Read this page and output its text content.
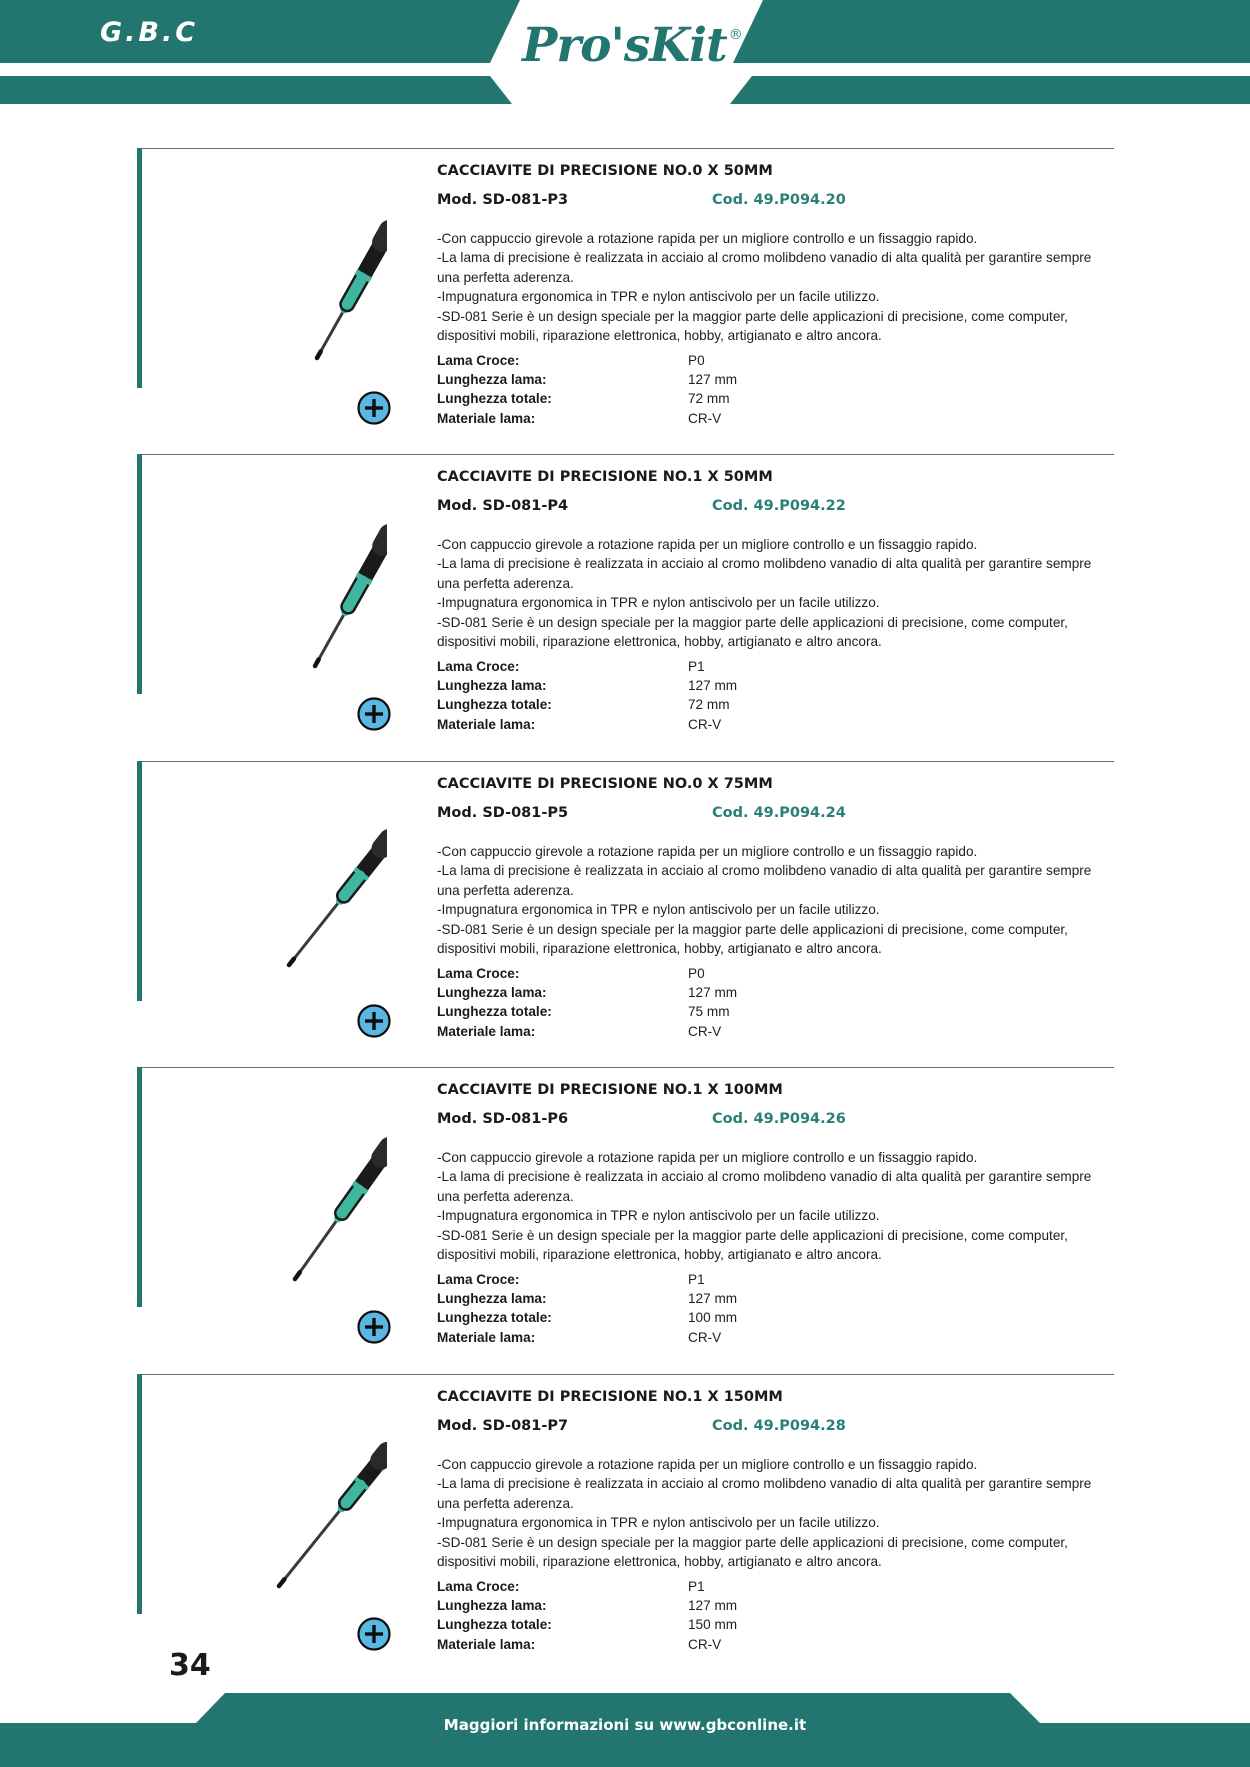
G.B.C	Pro'sKit ®
CACCIAVITE DI PRECISIONE NO.0 X 50MM
Mod. SD-081-P3	Cod. 49.P094.20
-Con cappuccio girevole a rotazione rapida per un migliore controllo e un fissaggio rapido.
-La lama di precisione è realizzata in acciaio al cromo molibdeno vanadio di alta qualità per garantire sempre
una perfetta aderenza.
-Impugnatura ergonomica in TPR e nylon antiscivolo per un facile utilizzo.
-SD-081 Serie è un design speciale per la maggior parte delle applicazioni di precisione, come computer,
dispositivi mobili, riparazione elettronica, hobby, artigianato e altro ancora.
Lama Croce:	P0
Lunghezza lama:	127 mm
Lunghezza totale:	72 mm
Materiale lama:	CR-V
CACCIAVITE DI PRECISIONE NO.1 X 50MM
Mod. SD-081-P4	Cod. 49.P094.22
-Con cappuccio girevole a rotazione rapida per un migliore controllo e un fissaggio rapido.
-La lama di precisione è realizzata in acciaio al cromo molibdeno vanadio di alta qualità per garantire sempre
una perfetta aderenza.
-Impugnatura ergonomica in TPR e nylon antiscivolo per un facile utilizzo.
-SD-081 Serie è un design speciale per la maggior parte delle applicazioni di precisione, come computer,
dispositivi mobili, riparazione elettronica, hobby, artigianato e altro ancora.
Lama Croce:	P1
Lunghezza lama:	127 mm
Lunghezza totale:	72 mm
Materiale lama:	CR-V
CACCIAVITE DI PRECISIONE NO.0 X 75MM
Mod. SD-081-P5	Cod. 49.P094.24
-Con cappuccio girevole a rotazione rapida per un migliore controllo e un fissaggio rapido.
-La lama di precisione è realizzata in acciaio al cromo molibdeno vanadio di alta qualità per garantire sempre
una perfetta aderenza.
-Impugnatura ergonomica in TPR e nylon antiscivolo per un facile utilizzo.
-SD-081 Serie è un design speciale per la maggior parte delle applicazioni di precisione, come computer,
dispositivi mobili, riparazione elettronica, hobby, artigianato e altro ancora.
Lama Croce:	P0
Lunghezza lama:	127 mm
Lunghezza totale:	75 mm
Materiale lama:	CR-V
CACCIAVITE DI PRECISIONE NO.1 X 100MM
Mod. SD-081-P6	Cod. 49.P094.26
-Con cappuccio girevole a rotazione rapida per un migliore controllo e un fissaggio rapido.
-La lama di precisione è realizzata in acciaio al cromo molibdeno vanadio di alta qualità per garantire sempre
una perfetta aderenza.
-Impugnatura ergonomica in TPR e nylon antiscivolo per un facile utilizzo.
-SD-081 Serie è un design speciale per la maggior parte delle applicazioni di precisione, come computer,
dispositivi mobili, riparazione elettronica, hobby, artigianato e altro ancora.
Lama Croce:	P1
Lunghezza lama:	127 mm
Lunghezza totale:	100 mm
Materiale lama:	CR-V
CACCIAVITE DI PRECISIONE NO.1 X 150MM
Mod. SD-081-P7	Cod. 49.P094.28
-Con cappuccio girevole a rotazione rapida per un migliore controllo e un fissaggio rapido.
-La lama di precisione è realizzata in acciaio al cromo molibdeno vanadio di alta qualità per garantire sempre
una perfetta aderenza.
-Impugnatura ergonomica in TPR e nylon antiscivolo per un facile utilizzo.
-SD-081 Serie è un design speciale per la maggior parte delle applicazioni di precisione, come computer,
dispositivi mobili, riparazione elettronica, hobby, artigianato e altro ancora.
Lama Croce:	P1
Lunghezza lama:	127 mm
Lunghezza totale:	150 mm
Materiale lama:	CR-V
34
Maggiori informazioni su www.gbconline.it
